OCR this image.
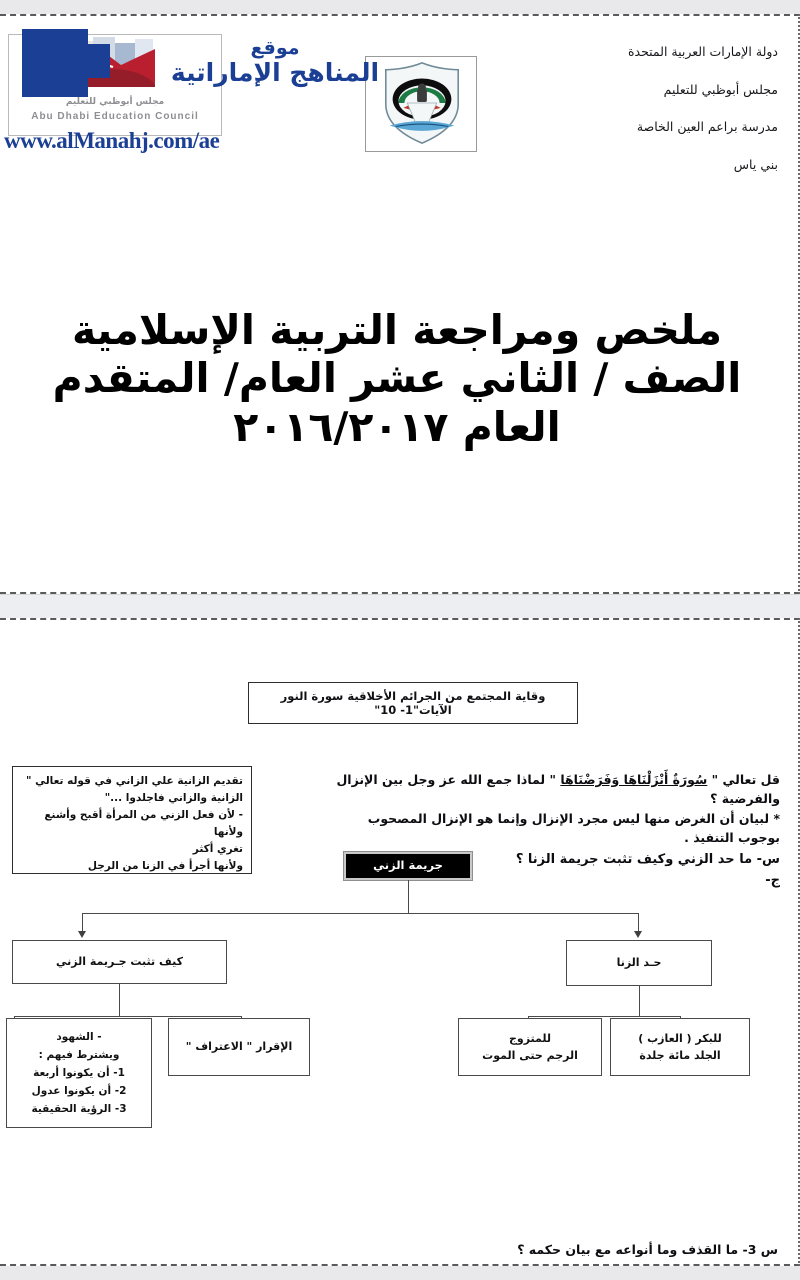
مجلس أبوظبي للتعليم
Abu Dhabi Education Council
موقع
المناهج الإماراتية
www.alManahj.com/ae
دولة الإمارات العربية المتحدة
مجلس أبوظبي للتعليم
مدرسة براعم العين الخاصة
بني ياس
ملخص ومراجعة التربية الإسلامية
الصف / الثاني عشر العام/ المتقدم
العام ٢٠١٦/٢٠١٧
وقاية المجتمع من الجرائم الأخلاقية سورة النور الآيات"1- 10"
قل تعالي " سُورَةٌ أَنْزَلْنَاهَا وَفَرَضْنَاهَا " لماذا جمع الله عز وجل بين الإنزال والفرضية ؟
* لبيان أن الغرض منها ليس مجرد الإنزال وإنما هو الإنزال المصحوب بوجوب التنفيذ .
س- ما حد الزني وكيف تثبت جريمة الزنا ؟
ج-
تقديم الزانية علي الزاني في قوله تعالي "
الزانية والزاني فاجلدوا ..."
- لأن فعل الزني من المرأة أقبح وأشنع ولأنها
تغري أكثر
ولأنها أجرأ في الزنا من الرجل	جريمة الزني
كيف تثبت جـريمة الزني	حـد الزنا
- الشهود
ويشترط فيهم :
1- أن يكونوا أربعة
2- أن يكونوا عدول
3- الرؤية الحقيقية
الإقرار " الاعتراف "
للمتزوج
الرجم حتى الموت
للبكر ( العازب )
الجلد مائة جلدة
س 3- ما القذف وما أنواعه مع بيان حكمه ؟
